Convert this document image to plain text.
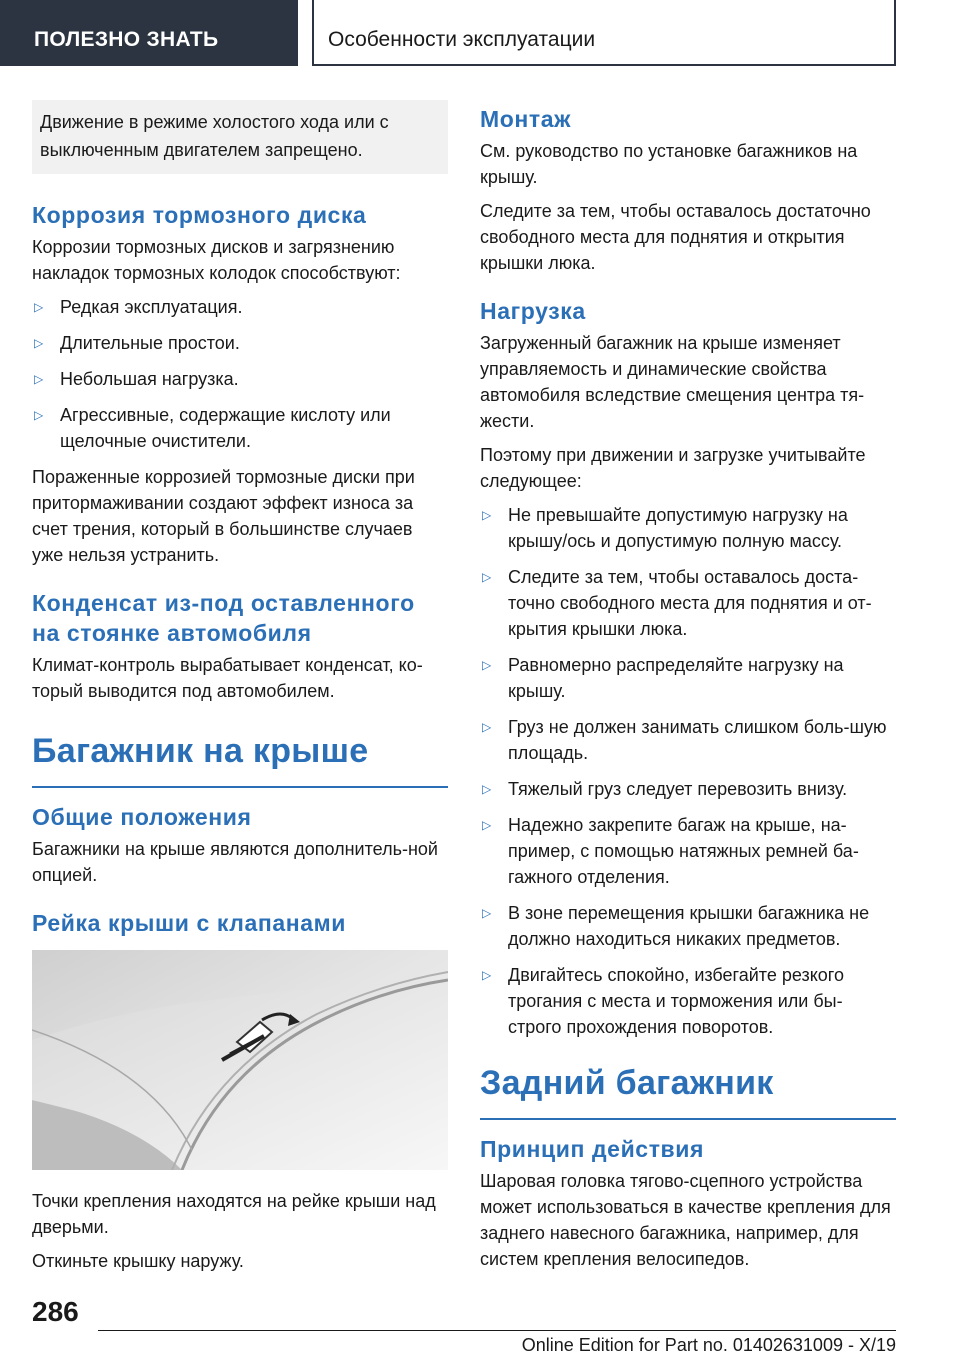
ПОЛЕЗНО ЗНАТЬ	Особенности эксплуатации
Движение в режиме холостого хода или с выключенным двигателем запрещено.
Коррозия тормозного диска

Коррозии тормозных дисков и загрязнению накладок тормозных колодок способствуют:

▷ Редкая эксплуатация.
▷ Длительные простои.
▷ Небольшая нагрузка.
▷ Агрессивные, содержащие кислоту или щелочные очистители.

Пораженные коррозией тормозные диски при притормаживании создают эффект износа за счет трения, который в большинстве случаев уже нельзя устранить.

Конденсат из-под оставленного на стоянке автомобиля

Климат-контроль вырабатывает конденсат, ко-торый выводится под автомобилем.

Багажник на крыше
Общие положения

Багажники на крыше являются дополнитель-ной опцией.

Рейка крыши с клапанами

Точки крепления находятся на рейке крыши над дверьми.

Откиньте крышку наружу.

Монтаж

См. руководство по установке багажников на крышу.

Следите за тем, чтобы оставалось достаточно свободного места для поднятия и открытия крышки люка.

Нагрузка

Загруженный багажник на крыше изменяет управляемость и динамические свойства автомобиля вследствие смещения центра тя-жести.

Поэтому при движении и загрузке учитывайте следующее:

▷ Не превышайте допустимую нагрузку на крышу/ось и допустимую полную массу.
▷ Следите за тем, чтобы оставалось доста-точно свободного места для поднятия и от-крытия крышки люка.
▷ Равномерно распределяйте нагрузку на крышу.
▷ Груз не должен занимать слишком боль-шую площадь.
▷ Тяжелый груз следует перевозить внизу.
▷ Надежно закрепите багаж на крыше, на-пример, с помощью натяжных ремней ба-гажного отделения.
▷ В зоне перемещения крышки багажника не должно находиться никаких предметов.
▷ Двигайтесь спокойно, избегайте резкого трогания с места и торможения или бы-строго прохождения поворотов.
Задний багажник
Принцип действия

Шаровая головка тягово-сцепного устройства может использоваться в качестве крепления для заднего навесного багажника, например, для систем крепления велосипедов.

286
Online Edition for Part no. 01402631009 - X/19
